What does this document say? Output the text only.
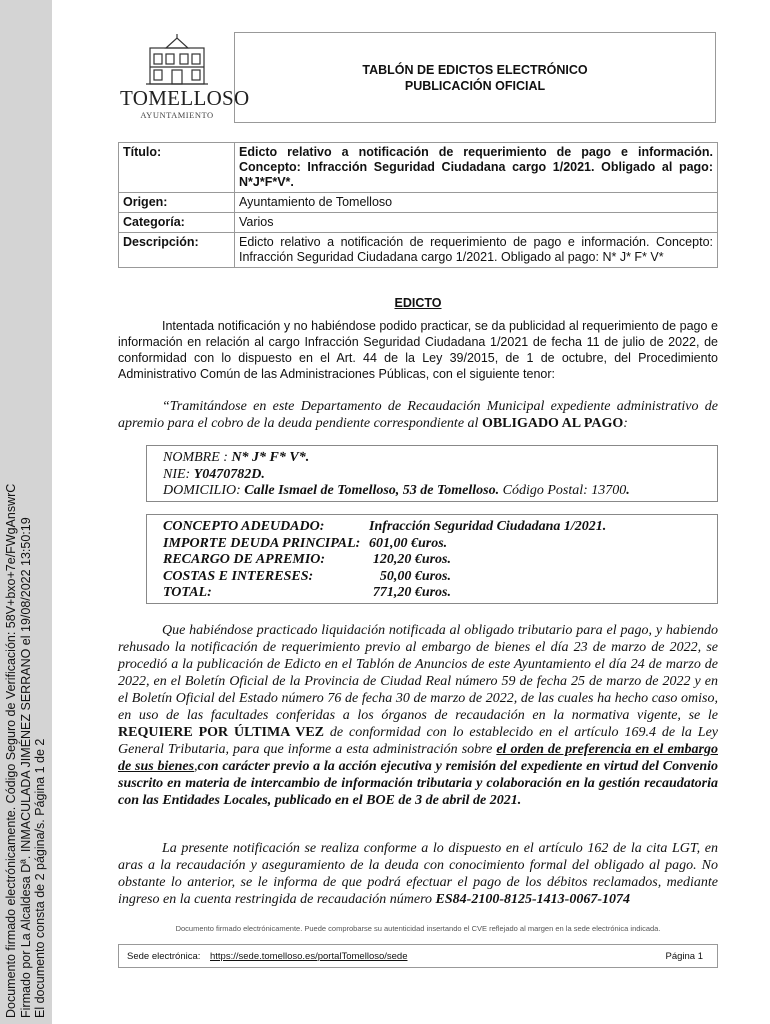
Documento firmado electrónicamente. Código Seguro de Verificación: 58V+bxo+7e/FWgAnswrC Firmado por La Alcaldesa Dª. INMACULADA JIMÉNEZ SERRANO el 19/08/2022 13:50:19 El documento consta de 2 página/s. Página 1 de 2
TOMELLOSO
AYUNTAMIENTO
TABLÓN DE EDICTOS ELECTRÓNICO
PUBLICACIÓN OFICIAL
Título:	Edicto relativo a notificación de requerimiento de pago e información. Concepto: Infracción Seguridad Ciudadana cargo 1/2021. Obligado al pago: N*J*F*V*.
Origen:	Ayuntamiento de Tomelloso
Categoría:	Varios
Descripción:	Edicto relativo a notificación de requerimiento de pago e información. Concepto: Infracción Seguridad Ciudadana cargo 1/2021. Obligado al pago: N* J* F* V*
EDICTO
Intentada notificación y no habiéndose podido practicar, se da publicidad al requerimiento de pago e información en relación al cargo Infracción Seguridad Ciudadana 1/2021 de fecha 11 de julio de 2022, de conformidad con lo dispuesto en el Art. 44 de la Ley 39/2015, de 1 de octubre, del Procedimiento Administrativo Común de las Administraciones Públicas, con el siguiente tenor:
“Tramitándose en este Departamento de Recaudación Municipal expediente administrativo de apremio para el cobro de la deuda pendiente correspondiente al OBLIGADO AL PAGO:
NOMBRE : N* J* F* V*.
NIE: Y0470782D.
DOMICILIO: Calle Ismael de Tomelloso, 53 de Tomelloso. Código Postal: 13700.
CONCEPTO ADEUDADO:	Infracción Seguridad Ciudadana 1/2021.
IMPORTE DEUDA PRINCIPAL: 601,00 €uros.
RECARGO DE APREMIO:	120,20 €uros.
COSTAS E INTERESES:	50,00 €uros.
TOTAL:	771,20 €uros.
Que habiéndose practicado liquidación notificada al obligado tributario para el pago, y habiendo rehusado la notificación de requerimiento previo al embargo de bienes el día 23 de marzo de 2022, se procedió a la publicación de Edicto en el Tablón de Anuncios de este Ayuntamiento el día 24 de marzo de 2022, en el Boletín Oficial de la Provincia de Ciudad Real número 59 de fecha 25 de marzo de 2022 y en el Boletín Oficial del Estado número 76 de fecha 30 de marzo de 2022, de las cuales ha hecho caso omiso, en uso de las facultades conferidas a los órganos de recaudación en la normativa vigente, se le REQUIERE POR ÚLTIMA VEZ de conformidad con lo establecido en el artículo 169.4 de la Ley General Tributaria, para que informe a esta administración sobre el orden de preferencia en el embargo de sus bienes,con carácter previo a la acción ejecutiva y remisión del expediente en virtud del Convenio suscrito en materia de intercambio de información tributaria y colaboración en la gestión recaudatoria con las Entidades Locales, publicado en el BOE de 3 de abril de 2021.
La presente notificación se realiza conforme a lo dispuesto en el artículo 162 de la cita LGT, en aras a la recaudación y aseguramiento de la deuda con conocimiento formal del obligado al pago. No obstante lo anterior, se le informa de que podrá efectuar el pago de los débitos reclamados, mediante ingreso en la cuenta restringida de recaudación número ES84-2100-8125-1413-0067-1074
Documento firmado electrónicamente. Puede comprobarse su autenticidad insertando el CVE reflejado al margen en la sede electrónica indicada.
Sede electrónica: https://sede.tomelloso.es/portalTomelloso/sede	Página 1
